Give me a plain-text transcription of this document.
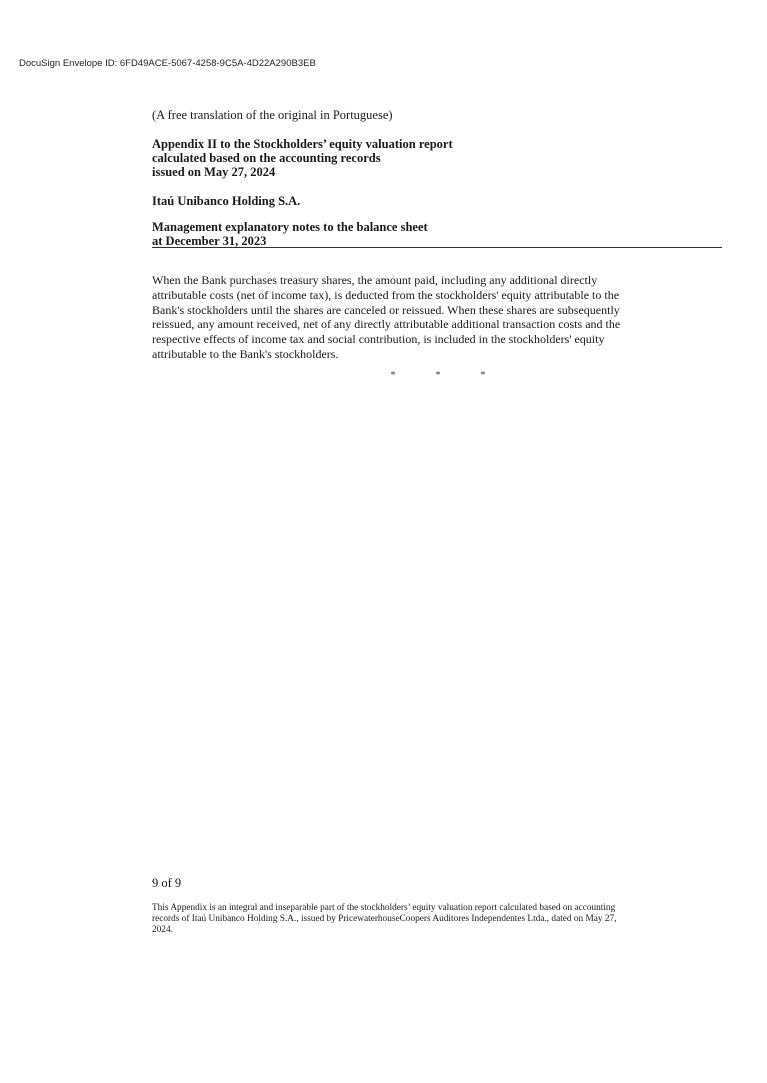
DocuSign Envelope ID: 6FD49ACE-5067-4258-9C5A-4D22A290B3EB
(A free translation of the original in Portuguese)
Appendix II to the Stockholders’ equity valuation report
calculated based on the accounting records
issued on May 27, 2024
Itaú Unibanco Holding S.A.
Management explanatory notes to the balance sheet
at December 31, 2023
When the Bank purchases treasury shares, the amount paid, including any additional directly
attributable costs (net of income tax), is deducted from the stockholders' equity attributable to the
Bank's stockholders until the shares are canceled or reissued. When these shares are subsequently
reissued, any amount received, net of any directly attributable additional transaction costs and the
respective effects of income tax and social contribution, is included in the stockholders' equity
attributable to the Bank's stockholders.
*	*	*
9 of 9
This Appendix is an integral and inseparable part of the stockholders’ equity valuation report calculated based on accounting
records of Itaú Unibanco Holding S.A., issued by PricewaterhouseCoopers Auditores Independentes Ltda., dated on May 27,
2024.
